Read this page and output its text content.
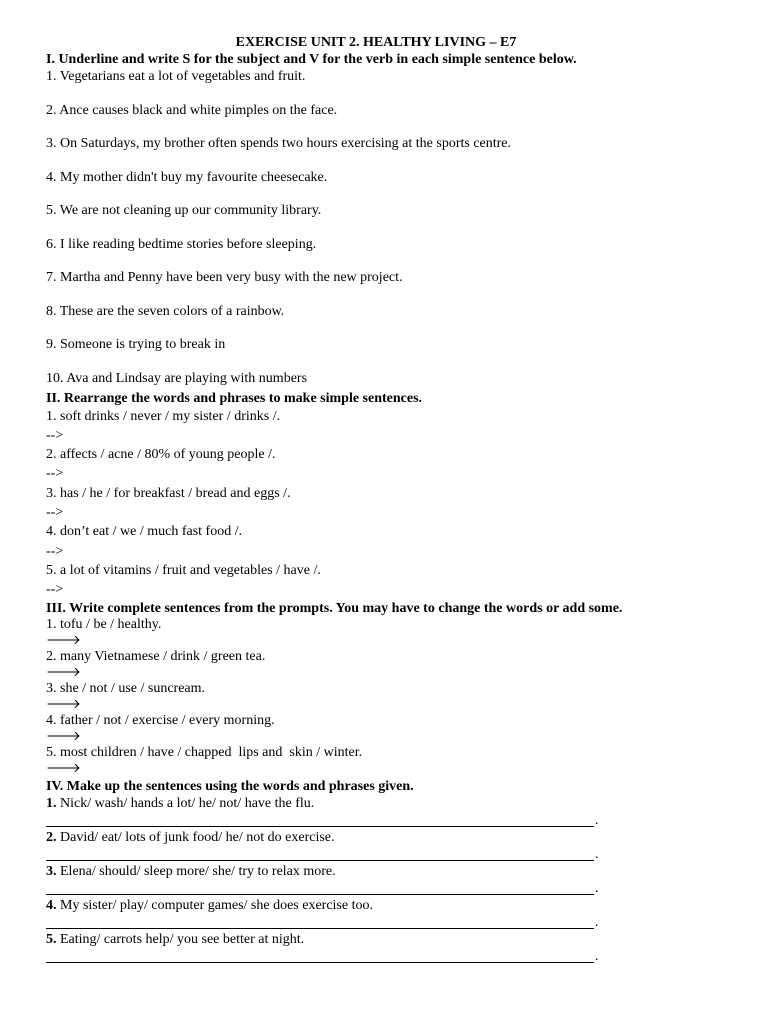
EXERCISE UNIT 2. HEALTHY LIVING – E7
I. Underline and write S for the subject and V for the verb in each simple sentence below.
1. Vegetarians eat a lot of vegetables and fruit.
2. Ance causes black and white pimples on the face.
3. On Saturdays, my brother often spends two hours exercising at the sports centre.
4. My mother didn't buy my favourite cheesecake.
5. We are not cleaning up our community library.
6. I like reading bedtime stories before sleeping.
7. Martha and Penny have been very busy with the new project.
8. These are the seven colors of a rainbow.
9. Someone is trying to break in
10. Ava and Lindsay are playing with numbers
II. Rearrange the words and phrases to make simple sentences.
1. soft drinks / never / my sister / drinks /.
-->
2. affects / acne / 80% of young people /.
-->
3. has / he / for breakfast / bread and eggs /.
-->
4. don’t eat / we / much fast food /.
-->
5. a lot of vitamins / fruit and vegetables / have /.
-->
III. Write complete sentences from the prompts. You may have to change the words or add some.
1. tofu / be / healthy.
🡒
2. many Vietnamese / drink / green tea.
🡒
3. she / not / use / suncream.
🡒
4. father / not / exercise / every morning.
🡒
5. most children / have / chapped  lips and  skin / winter.
🡒
IV. Make up the sentences using the words and phrases given.
1. Nick/ wash/ hands a lot/ he/ not/ have the flu.
.
2. David/ eat/ lots of junk food/ he/ not do exercise.
.
3. Elena/ should/ sleep more/ she/ try to relax more.
.
4. My sister/ play/ computer games/ she does exercise too.
.
5. Eating/ carrots help/ you see better at night.
.
